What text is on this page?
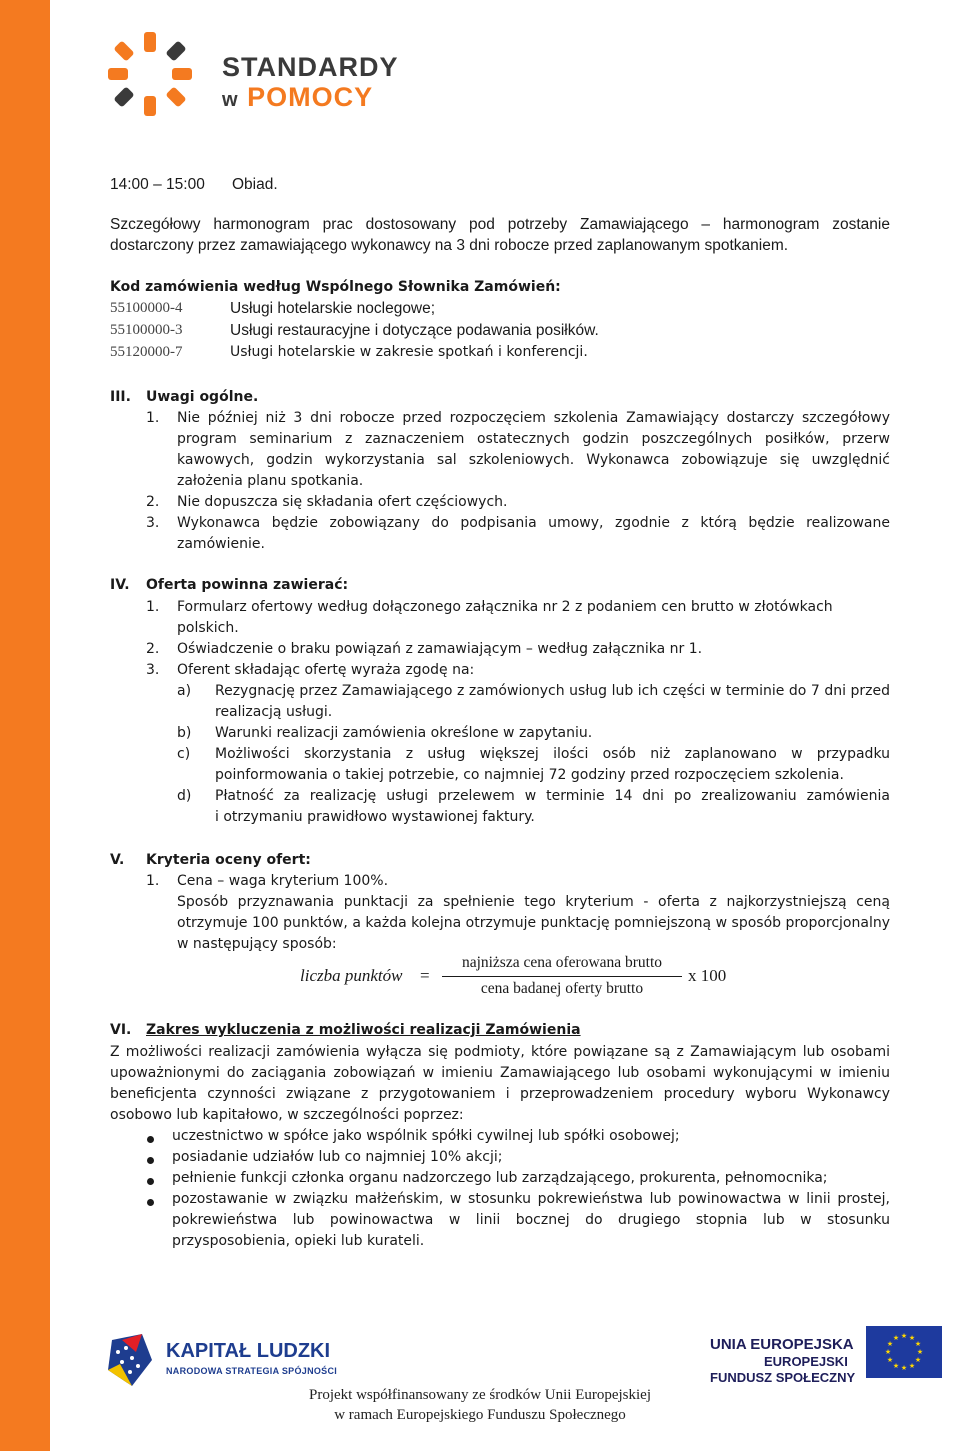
STANDARDY
w POMOCY
14:00 – 15:00 Obiad.
Szczegółowy harmonogram prac dostosowany pod potrzeby Zamawiającego – harmonogram zostanie
dostarczony przez zamawiającego wykonawcy na 3 dni robocze przed zaplanowanym spotkaniem.
Kod zamówienia według Wspólnego Słownika Zamówień:
55100000-4	Usługi hotelarskie noclegowe;
55100000-3	Usługi restauracyjne i dotyczące podawania posiłków.
55120000-7	Usługi hotelarskie w zakresie spotkań i konferencji.
III. Uwagi ogólne.
1. Nie później niż 3 dni robocze przed rozpoczęciem szkolenia Zamawiający dostarczy szczegółowy
program seminarium z zaznaczeniem ostatecznych godzin poszczególnych posiłków, przerw
kawowych, godzin wykorzystania sal szkoleniowych. Wykonawca zobowiązuje się uwzględnić
założenia planu spotkania.
2. Nie dopuszcza się składania ofert częściowych.
3. Wykonawca będzie zobowiązany do podpisania umowy, zgodnie z którą będzie realizowane
zamówienie.
IV. Oferta powinna zawierać:
1. Formularz ofertowy według dołączonego załącznika nr 2 z podaniem cen brutto w złotówkach
polskich.
2. Oświadczenie o braku powiązań z zamawiającym – według załącznika nr 1.
3. Oferent składając ofertę wyraża zgodę na:
a) Rezygnację przez Zamawiającego z zamówionych usług lub ich części w terminie do 7 dni przed
realizacją usługi.
b) Warunki realizacji zamówienia określone w zapytaniu.
c) Możliwości skorzystania z usług większej ilości osób niż zaplanowano w przypadku
poinformowania o takiej potrzebie, co najmniej 72 godziny przed rozpoczęciem szkolenia.
d) Płatność za realizację usługi przelewem w terminie 14 dni po zrealizowaniu zamówienia
i otrzymaniu prawidłowo wystawionej faktury.
V. Kryteria oceny ofert:
1. Cena – waga kryterium 100%.
Sposób przyznawania punktacji za spełnienie tego kryterium - oferta z najkorzystniejszą ceną
otrzymuje 100 punktów, a każda kolejna otrzymuje punktację pomniejszoną w sposób proporcjonalny
w następujący sposób:
liczba punktów =
najniższa cena oferowana brutto
cena badanej oferty brutto
x 100
VI. Zakres wykluczenia z możliwości realizacji Zamówienia
Z możliwości realizacji zamówienia wyłącza się podmioty, które powiązane są z Zamawiającym lub osobami
upoważnionymi do zaciągania zobowiązań w imieniu Zamawiającego lub osobami wykonującymi w imieniu
beneficjenta czynności związane z przygotowaniem i przeprowadzeniem procedury wyboru Wykonawcy
osobowo lub kapitałowo, w szczególności poprzez:
uczestnictwo w spółce jako wspólnik spółki cywilnej lub spółki osobowej;
posiadanie udziałów lub co najmniej 10% akcji;
pełnienie funkcji członka organu nadzorczego lub zarządzającego, prokurenta, pełnomocnika;
pozostawanie w związku małżeńskim, w stosunku pokrewieństwa lub powinowactwa w linii prostej,
pokrewieństwa lub powinowactwa w linii bocznej do drugiego stopnia lub w stosunku
przysposobienia, opieki lub kurateli.
KAPITAŁ LUDZKI
NARODOWA STRATEGIA SPÓJNOŚCI
UNIA EUROPEJSKA
EUROPEJSKI
FUNDUSZ SPOŁECZNY
★ ★
★
★
★
★
★
★
★
★
★
★
Projekt współfinansowany ze środków Unii Europejskiej
w ramach Europejskiego Funduszu Społecznego
